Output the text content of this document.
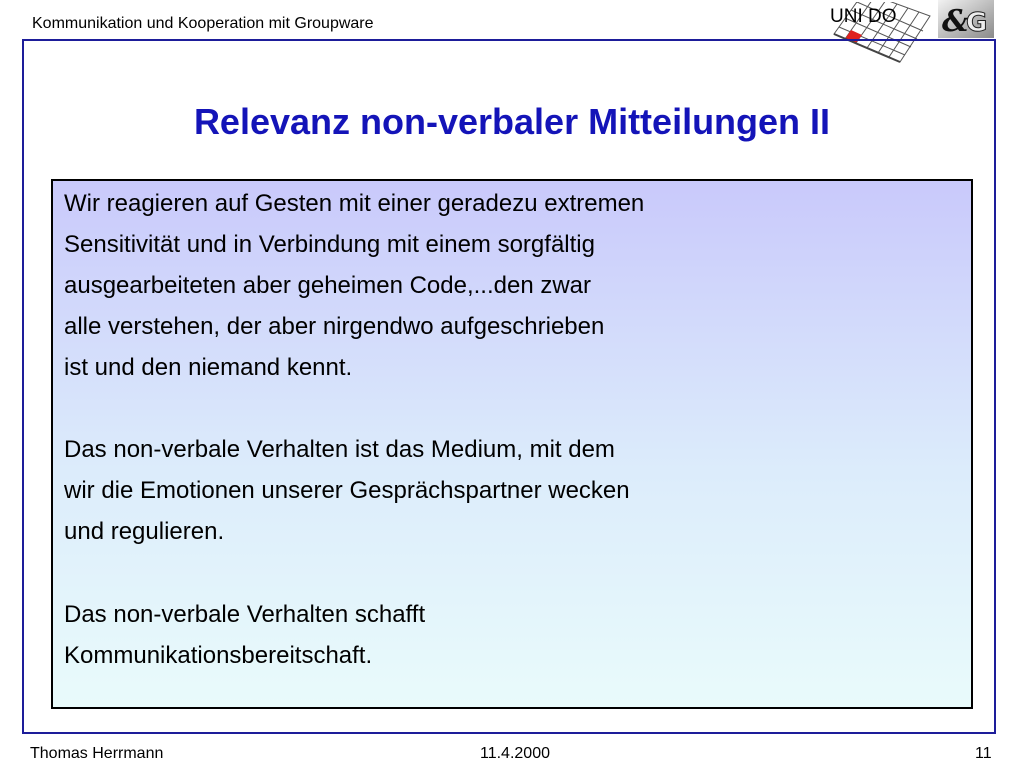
Kommunikation und Kooperation mit Groupware	UNI DO &
G
Relevanz non-verbaler Mitteilungen II

Wir reagieren auf Gesten mit einer geradezu extremen
Sensitivität und in Verbindung mit einem sorgfältig
ausgearbeiteten aber geheimen Code,...den zwar
alle verstehen, der aber nirgendwo aufgeschrieben
ist und den niemand kennt.

Das non-verbale Verhalten ist das Medium, mit dem
wir die Emotionen unserer Gesprächspartner wecken
und regulieren.

Das non-verbale Verhalten schafft
Kommunikationsbereitschaft.

Thomas Herrmann	11.4.2000	11
